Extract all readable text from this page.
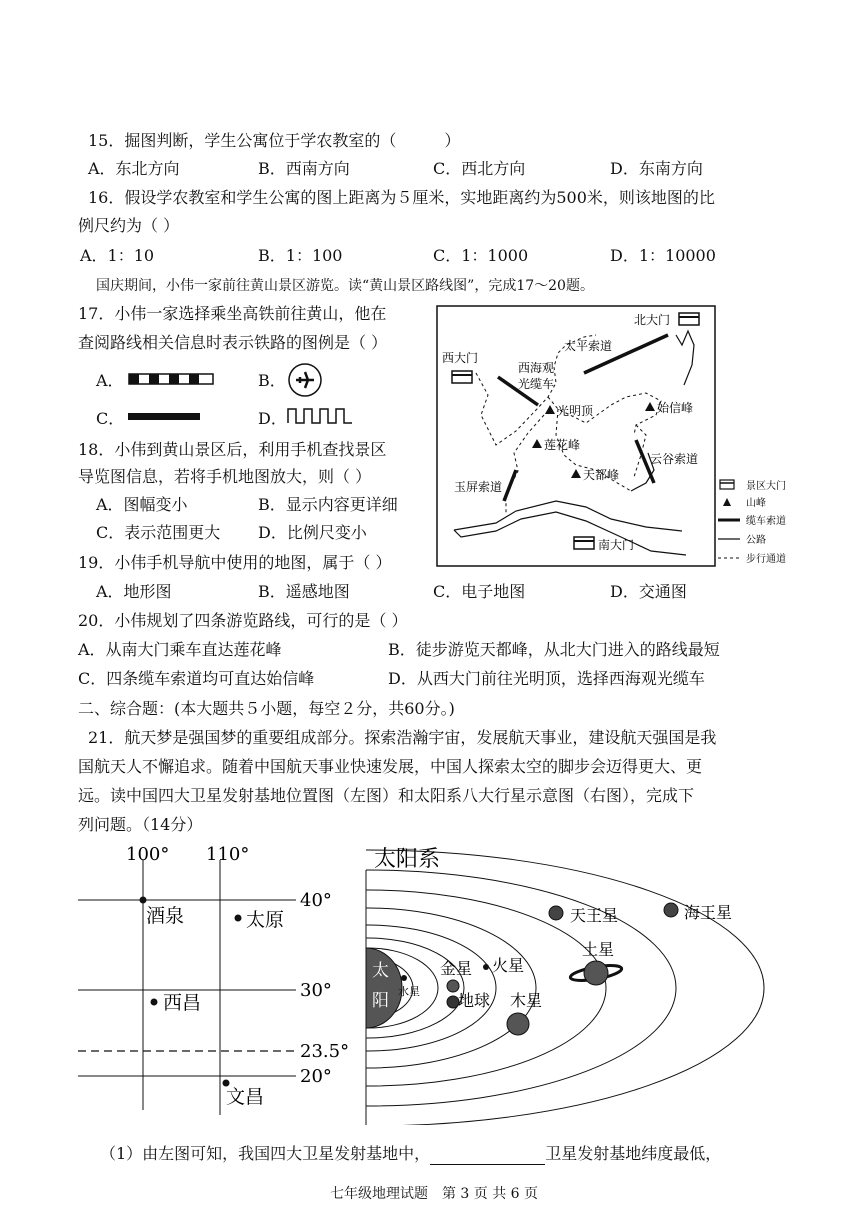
15．掘图判断，学生公寓位于学农教室的（　　　）
A．东北方向	B．西南方向	C．西北方向	D．东南方向
16．假设学农教室和学生公寓的图上距离为５厘米，实地距离约为500米，则该地图的比
例尺约为（ ）
A．1：10	B．1：100	C．1：1000	D．1：10000
国庆期间，小伟一家前往黄山景区游览。读“黄山景区路线图”，完成17～20题。
17．小伟一家选择乘坐高铁前往黄山，他在
查阅路线相关信息时表示铁路的图例是（ ）
A．	B．
C．	D．
18．小伟到黄山景区后，利用手机查找景区
导览图信息，若将手机地图放大，则（ ）
A．图幅变小	B．显示内容更详细
C．表示范围更大 D．比例尺变小
北大门
西大门
南大门
太平索道
西海观
光缆车
云谷索道
玉屏索道
光明顶	始信峰
莲花峰
天都峰
景区大门
山峰
缆车索道
公路
步行通道
19．小伟手机导航中使用的地图，属于（ ）
A．地形图	B．遥感地图	C．电子地图	D．交通图
20．小伟规划了四条游览路线，可行的是（ ）
A．从南大门乘车直达莲花峰	B．徒步游览天都峰，从北大门进入的路线最短
C．四条缆车索道均可直达始信峰	D．从西大门前往光明顶，选择西海观光缆车
二、综合题：(本大题共５小题，每空２分，共60分。)
21．航天梦是强国梦的重要组成部分。探索浩瀚宇宙，发展航天事业，建设航天强国是我
国航天人不懈追求。随着中国航天事业快速发展，中国人探索太空的脚步会迈得更大、更
远。读中国四大卫星发射基地位置图（左图）和太阳系八大行星示意图（右图），完成下
列问题。（14分）
100° 110°
40°
30°
23.5°
20°
酒泉	太原
西昌
文昌
太阳系
太
阳 水星
金星
地球
火星
木星
土星
天王星	海王星
（1）由左图可知，我国四大卫星发射基地中，	卫星发射基地纬度最低，
七年级地理试题　第 3 页 共 6 页
